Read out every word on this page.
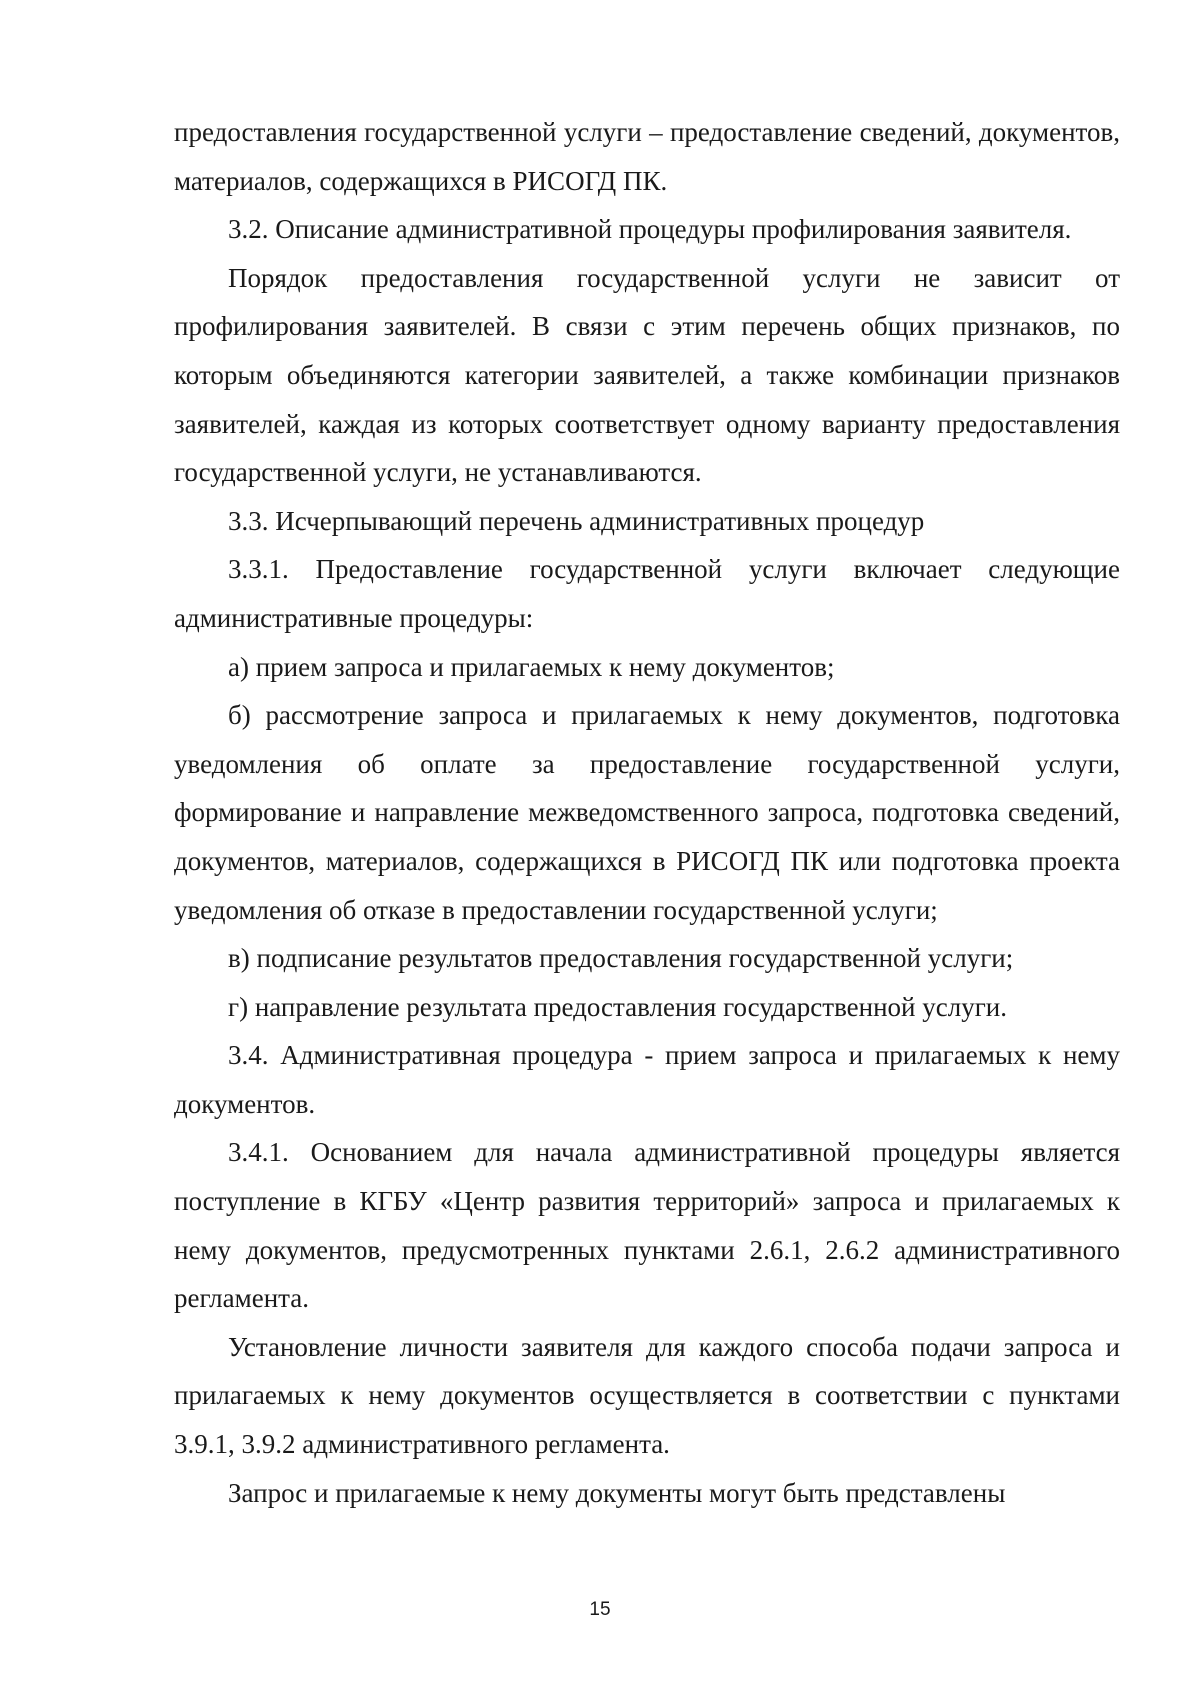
предоставления государственной услуги – предоставление сведений, документов, материалов, содержащихся в РИСОГД ПК.

3.2. Описание административной процедуры профилирования заявителя.

Порядок предоставления государственной услуги не зависит от профилирования заявителей. В связи с этим перечень общих признаков, по которым объединяются категории заявителей, а также комбинации признаков заявителей, каждая из которых соответствует одному варианту предоставления государственной услуги, не устанавливаются.

3.3. Исчерпывающий перечень административных процедур

3.3.1. Предоставление государственной услуги включает следующие административные процедуры:

а) прием запроса и прилагаемых к нему документов;

б) рассмотрение запроса и прилагаемых к нему документов, подготовка уведомления об оплате за предоставление государственной услуги, формирование и направление межведомственного запроса, подготовка сведений, документов, материалов, содержащихся в РИСОГД ПК или подготовка проекта уведомления об отказе в предоставлении государственной услуги;

в) подписание результатов предоставления государственной услуги;

г) направление результата предоставления государственной услуги.

3.4. Административная процедура - прием запроса и прилагаемых к нему документов.

3.4.1. Основанием для начала административной процедуры является поступление в КГБУ «Центр развития территорий» запроса и прилагаемых к нему документов, предусмотренных пунктами 2.6.1, 2.6.2 административного регламента.

Установление личности заявителя для каждого способа подачи запроса и прилагаемых к нему документов осуществляется в соответствии с пунктами 3.9.1, 3.9.2 административного регламента.

Запрос и прилагаемые к нему документы могут быть представлены

15
